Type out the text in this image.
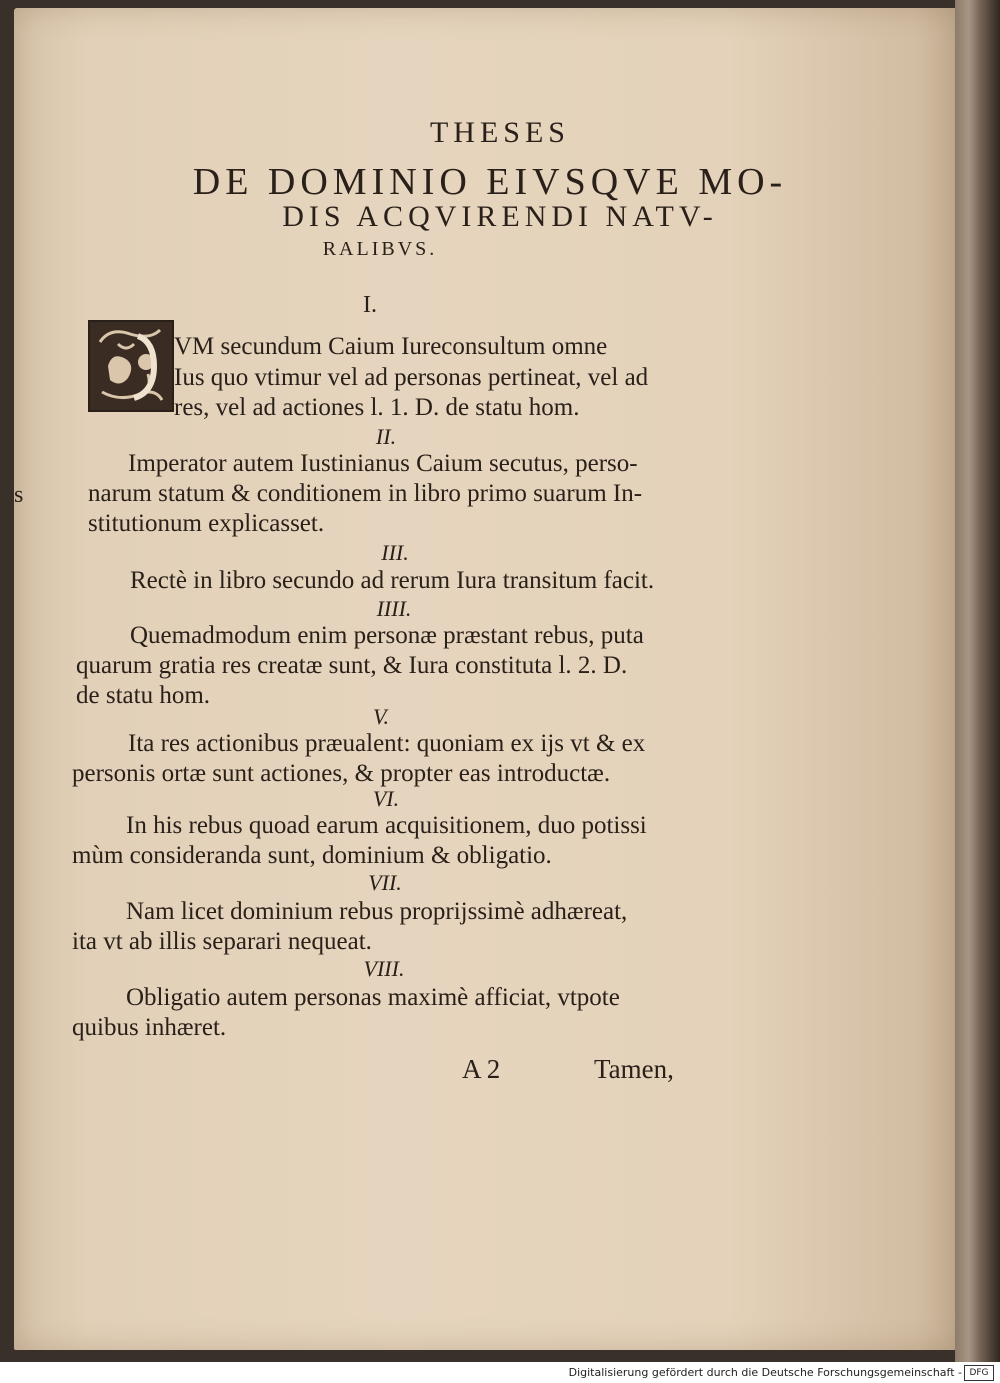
s
THESES
DE DOMINIO EIVSQVE MO-
DIS ACQVIRENDI NATV-
RALIBVS.
I.
VM secundum Caium Iureconsultum omne
Ius quo vtimur vel ad personas pertineat, vel ad
res, vel ad actiones l. 1. D. de statu hom.
II.
Imperator autem Iustinianus Caium secutus, perso-
narum statum & conditionem in libro primo suarum In-
stitutionum explicasset.
III.
Rectè in libro secundo ad rerum Iura transitum facit.
IIII.
Quemadmodum enim personæ præstant rebus, puta
quarum gratia res creatæ sunt, & Iura constituta l. 2. D.
de statu hom.
V.
Ita res actionibus præualent: quoniam ex ijs vt & ex
personis ortæ sunt actiones, & propter eas introductæ.
VI.
In his rebus quoad earum acquisitionem, duo potissi
mùm consideranda sunt, dominium & obligatio.
VII.
Nam licet dominium rebus proprijssimè adhæreat,
ita vt ab illis separari nequeat.
VIII.
Obligatio autem personas maximè afficiat, vtpote
quibus inhæret.
A 2	Tamen,
Digitalisierung gefördert durch die Deutsche Forschungsgemeinschaft - DFG
